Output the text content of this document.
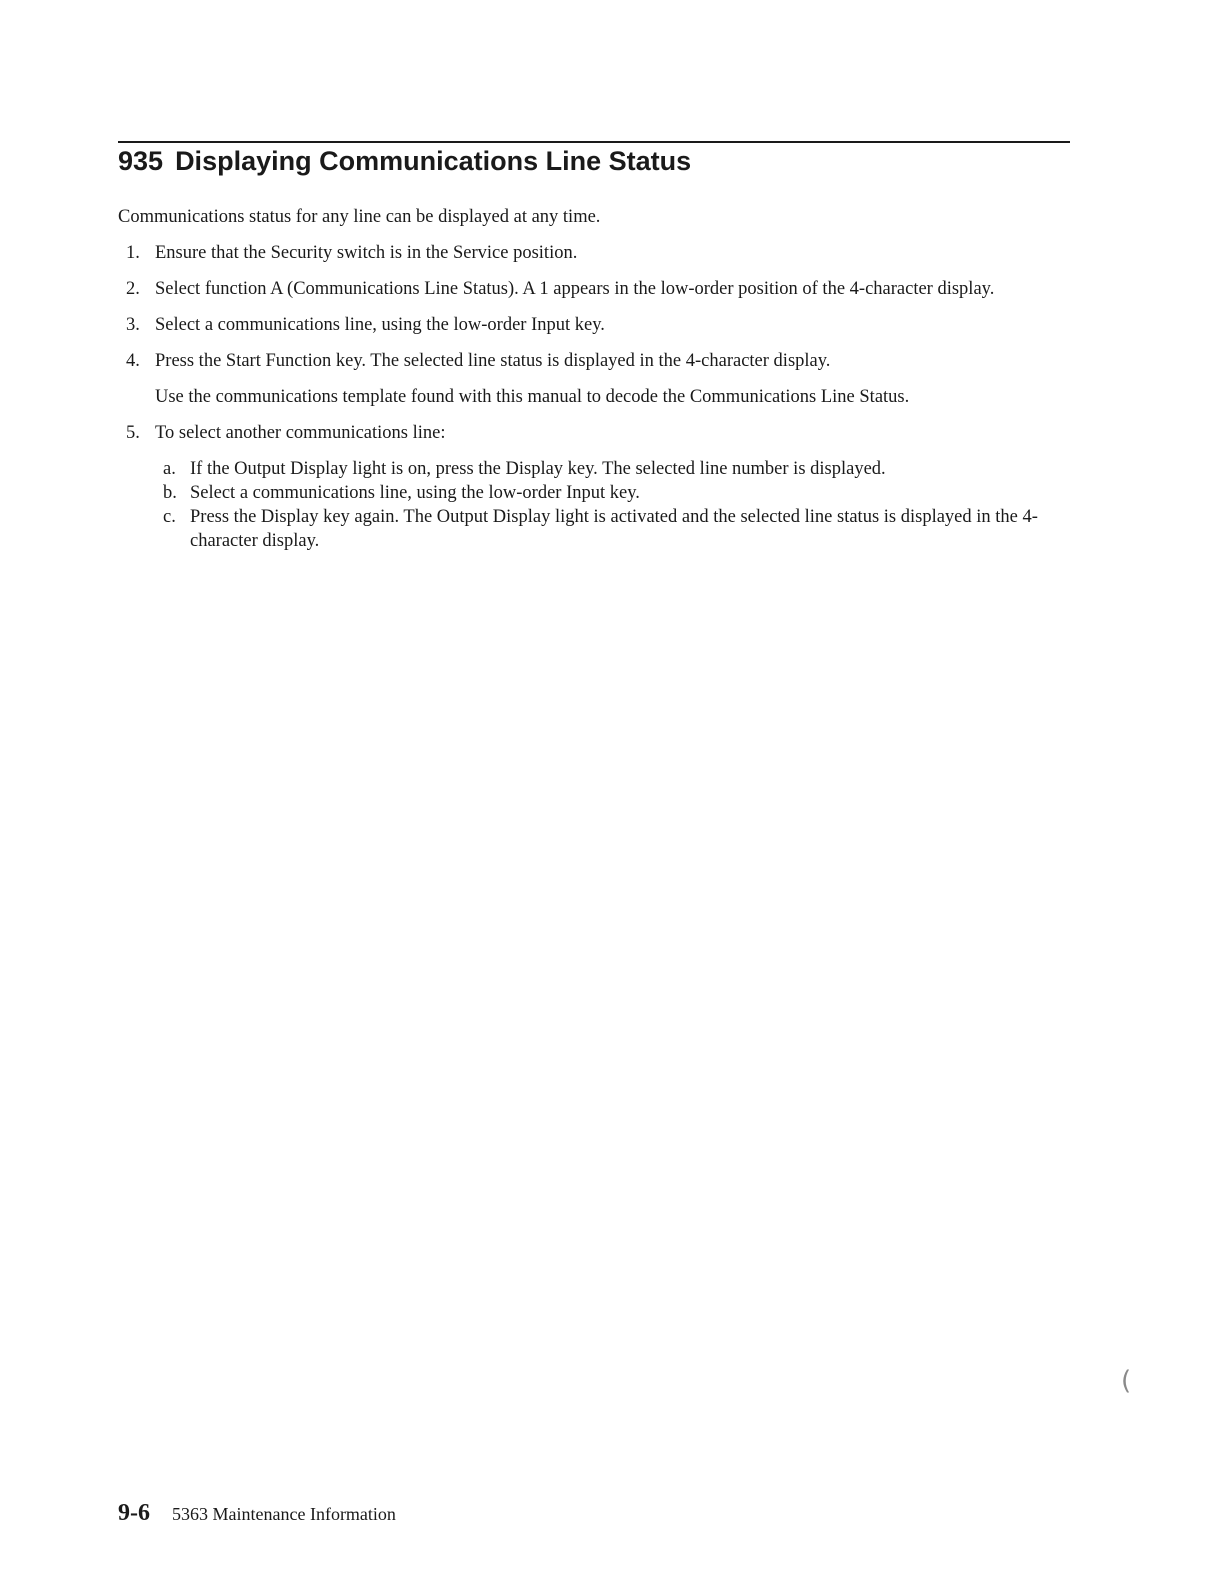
935 Displaying Communications Line Status

Communications status for any line can be displayed at any time.

1. Ensure that the Security switch is in the Service position.
2. Select function A (Communications Line Status). A 1 appears in the low-order position of the 4-character display.
3. Select a communications line, using the low-order Input key.
4. Press the Start Function key. The selected line status is displayed in the 4-character display.
Use the communications template found with this manual to decode the Communications Line Status.
5. To select another communications line:
a. If the Output Display light is on, press the Display key. The selected line number is displayed.
b. Select a communications line, using the low-order Input key.
c. Press the Display key again. The Output Display light is activated and the selected line status is displayed in the 4-character display.
(
9-6 5363 Maintenance Information
